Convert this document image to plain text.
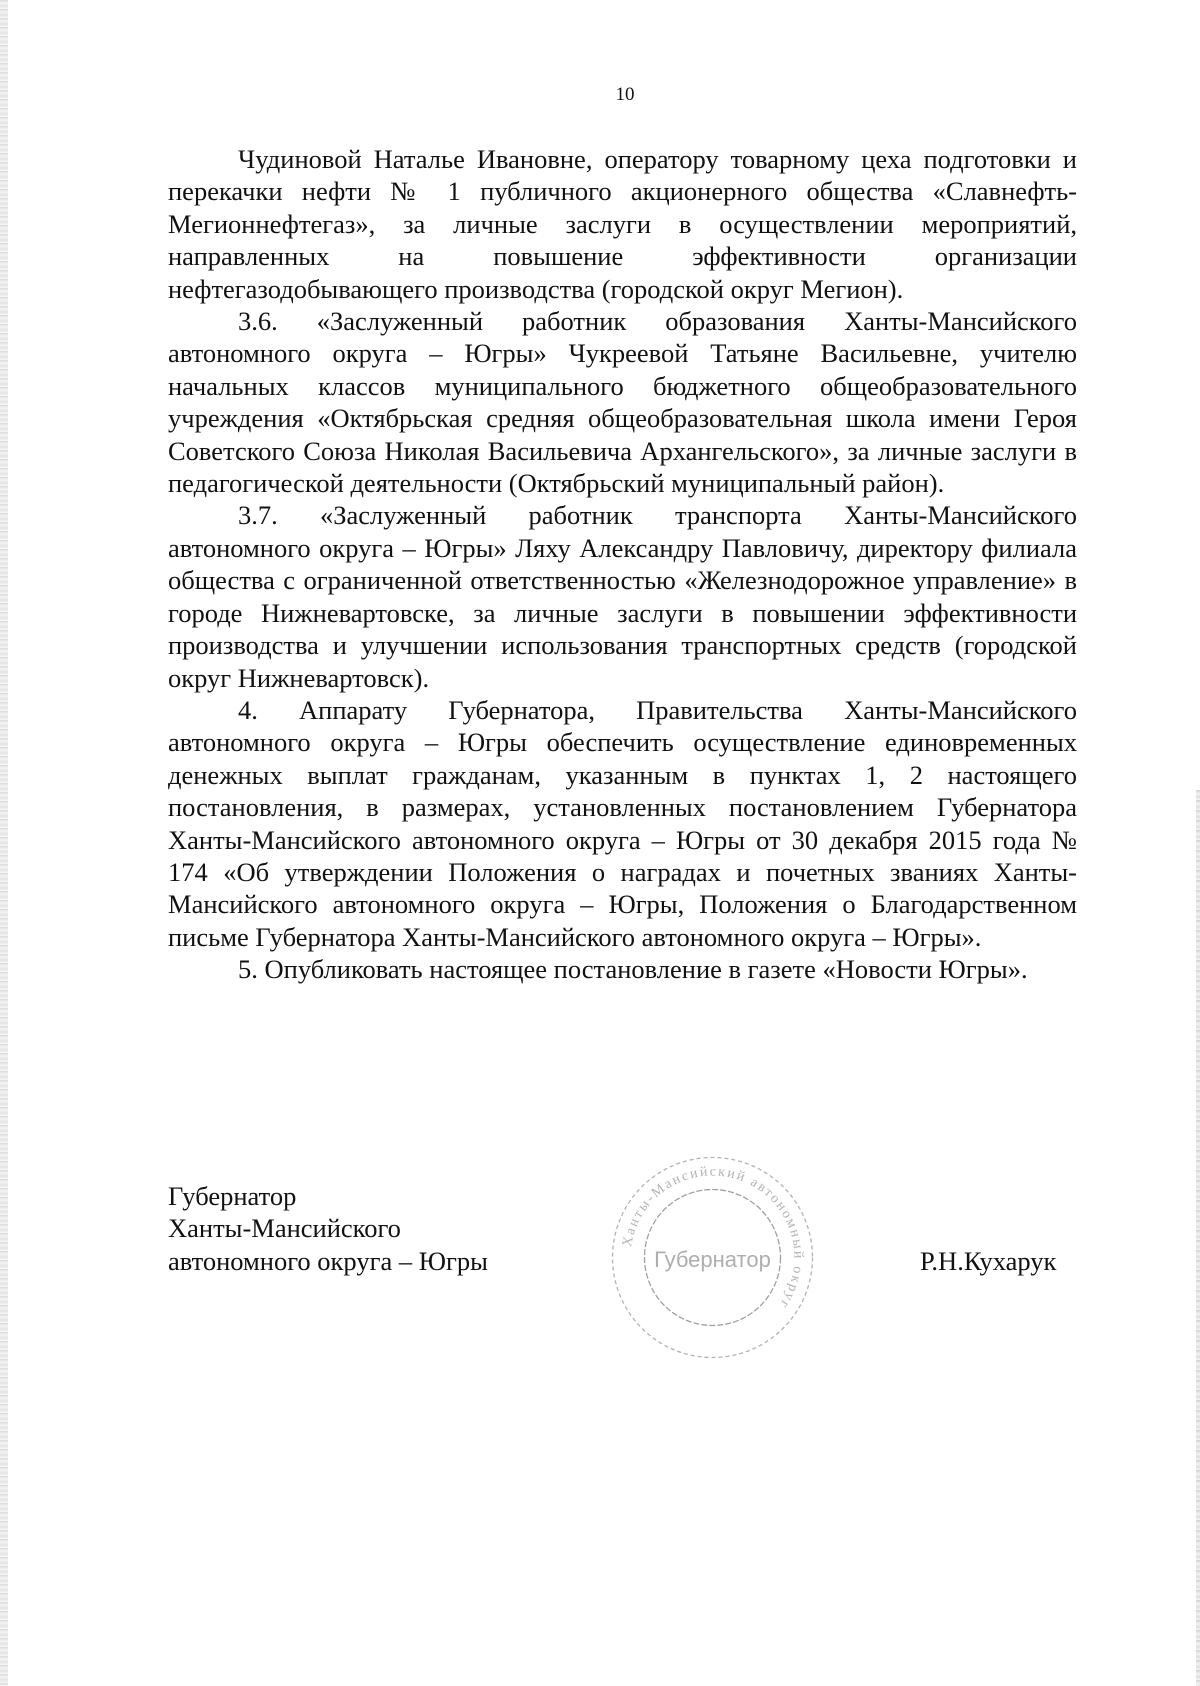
10

Чудиновой Наталье Ивановне, оператору товарному цеха подготовки и перекачки нефти № 1 публичного акционерного общества «Славнефть-Мегионнефтегаз», за личные заслуги в осуществлении мероприятий, направленных на повышение эффективности организации нефтегазодобывающего производства (городской округ Мегион).

3.6. «Заслуженный работник образования Ханты-Мансийского автономного округа – Югры» Чукреевой Татьяне Васильевне, учителю начальных классов муниципального бюджетного общеобразовательного учреждения «Октябрьская средняя общеобразовательная школа имени Героя Советского Союза Николая Васильевича Архангельского», за личные заслуги в педагогической деятельности (Октябрьский муниципальный район).

3.7. «Заслуженный работник транспорта Ханты-Мансийского автономного округа – Югры» Ляху Александру Павловичу, директору филиала общества с ограниченной ответственностью «Железнодорожное управление» в городе Нижневартовске, за личные заслуги в повышении эффективности производства и улучшении использования транспортных средств (городской округ Нижневартовск).

4. Аппарату Губернатора, Правительства Ханты-Мансийского автономного округа – Югры обеспечить осуществление единовременных денежных выплат гражданам, указанным в пунктах 1, 2 настоящего постановления, в размерах, установленных постановлением Губернатора Ханты-Мансийского автономного округа – Югры от 30 декабря 2015 года № 174 «Об утверждении Положения о наградах и почетных званиях Ханты-Мансийского автономного округа – Югры, Положения о Благодарственном письме Губернатора Ханты-Мансийского автономного округа – Югры».

5. Опубликовать настоящее постановление в газете «Новости Югры».

Губернатор
Ханты-Мансийского
автономного округа – Югры
Ханты-Мансийский автономный округ
Губернатор	Р.Н.Кухарук
